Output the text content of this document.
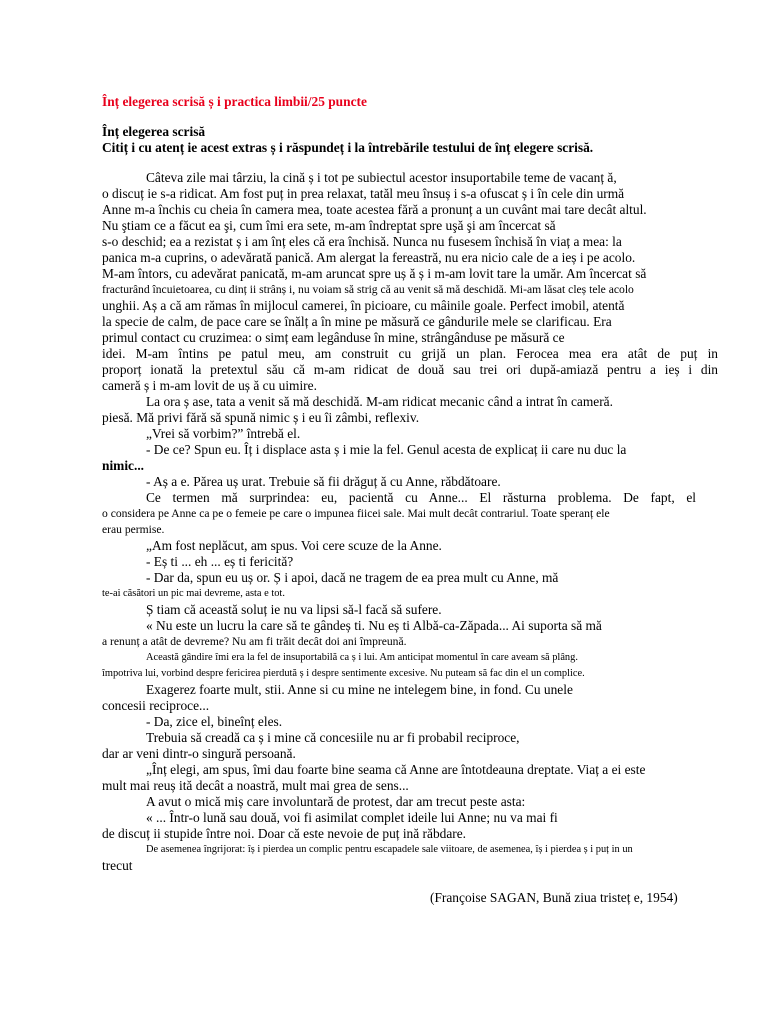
Înț elegerea scrisă ș i practica limbii/25 puncte
Înț elegerea scrisă
Citiț i cu atenț ie acest extras ș i răspundeț i la întrebările testului de înț elegere scrisă.
Câteva zile mai târziu, la cină ș i tot pe subiectul acestor insuportabile teme de vacanț ă,
o discuț ie s-a ridicat. Am fost puț in prea relaxat, tatăl meu însuș i s-a ofuscat ș i în cele din urmă
Anne m-a închis cu cheia în camera mea, toate acestea fără a pronunț a un cuvânt mai tare decât altul.
Nu ştiam ce a făcut ea şi, cum îmi era sete, m-am îndreptat spre uşă şi am încercat să
s-o deschid; ea a rezistat ș i am înț eles că era închisă. Nunca nu fusesem închisă în viaț a mea: la
panica m-a cuprins, o adevărată panică. Am alergat la fereastră, nu era nicio cale de a ieș i pe acolo.
M-am întors, cu adevărat panicată, m-am aruncat spre uș ă ș i m-am lovit tare la umăr. Am încercat să
fracturând încuietoarea, cu dinț ii strânș i, nu voiam să strig că au venit să mă deschidă. Mi-am lăsat cleș tele acolo
unghii. Aș a că am rămas în mijlocul camerei, în picioare, cu mâinile goale. Perfect imobil, atentă
la specie de calm, de pace care se înălț a în mine pe măsură ce gândurile mele se clarificau. Era
primul contact cu cruzimea: o simț eam legânduse în mine, strângânduse pe măsură ce
idei. M-am întins pe patul meu, am construit cu grijă un plan. Ferocea mea era atât de puț in
proporț ionată la pretextul său că m-am ridicat de două sau trei ori după-amiază pentru a ieș i din
cameră ș i m-am lovit de uș ă cu uimire.
La ora ș ase, tata a venit să mă deschidă. M-am ridicat mecanic când a intrat în cameră.
piesă. Mă privi fără să spună nimic ș i eu îi zâmbi, reflexiv.
„Vrei să vorbim?” întrebă el.
- De ce? Spun eu. Îț i displace asta ș i mie la fel. Genul acesta de explicaț ii care nu duc la
nimic...
- Aș a e. Părea uș urat. Trebuie să fii drăguț ă cu Anne, răbdătoare.
Ce termen mă surprindea: eu, pacientă cu Anne... El răsturna problema. De fapt, el
o considera pe Anne ca pe o femeie pe care o impunea fiicei sale. Mai mult decât contrariul. Toate speranț ele
erau permise.
„Am fost neplăcut, am spus. Voi cere scuze de la Anne.
- Eș ti ... eh ... eș ti fericită?
- Dar da, spun eu uș or. Ș i apoi, dacă ne tragem de ea prea mult cu Anne, mă
te-ai căsători un pic mai devreme, asta e tot.
Ș tiam că această soluț ie nu va lipsi să-l facă să sufere.
« Nu este un lucru la care să te gândeș ti. Nu eș ti Albă-ca-Zăpada... Ai suporta să mă
a renunț a atât de devreme? Nu am fi trăit decât doi ani împreună.
Această gândire îmi era la fel de insuportabilă ca ș i lui. Am anticipat momentul în care aveam să plâng.
împotriva lui, vorbind despre fericirea pierdută ș i despre sentimente excesive. Nu puteam să fac din el un complice.
Exagerez foarte mult, stii. Anne si cu mine ne intelegem bine, in fond. Cu unele
concesii reciproce...
- Da, zice el, bineînț eles.
Trebuia să creadă ca ș i mine că concesiile nu ar fi probabil reciproce,
dar ar veni dintr-o singură persoană.
„Înț elegi, am spus, îmi dau foarte bine seama că Anne are întotdeauna dreptate. Viaț a ei este
mult mai reuș ită decât a noastră, mult mai grea de sens...
A avut o mică miș care involuntară de protest, dar am trecut peste asta:
« ... Într-o lună sau două, voi fi asimilat complet ideile lui Anne; nu va mai fi
de discuț ii stupide între noi. Doar că este nevoie de puț ină răbdare.
De asemenea îngrijorat: îș i pierdea un complic pentru escapadele sale viitoare, de asemenea, îș i pierdea ș i puț in un
trecut
(Françoise SAGAN, Bună ziua tristeț e, 1954)
